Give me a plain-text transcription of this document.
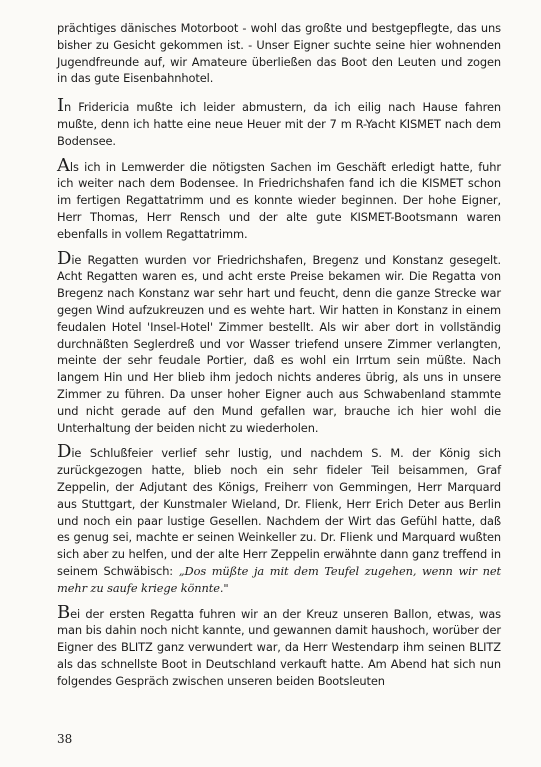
prächtiges dänisches Motorboot - wohl das großte und bestgepflegte, das uns bisher zu Gesicht gekommen ist. - Unser Eigner suchte seine hier wohnenden Jugendfreunde auf, wir Amateure überließen das Boot den Leuten und zogen in das gute Eisenbahnhotel.

In Fridericia mußte ich leider abmustern, da ich eilig nach Hause fahren mußte, denn ich hatte eine neue Heuer mit der 7 m R-Yacht KISMET nach dem Bodensee.

Als ich in Lemwerder die nötigsten Sachen im Geschäft erledigt hatte, fuhr ich weiter nach dem Bodensee. In Friedrichshafen fand ich die KISMET schon im fertigen Regattatrimm und es konnte wieder beginnen. Der hohe Eigner, Herr Thomas, Herr Rensch und der alte gute KISMET-Bootsmann waren ebenfalls in vollem Regattatrimm.

Die Regatten wurden vor Friedrichshafen, Bregenz und Konstanz gesegelt. Acht Regatten waren es, und acht erste Preise bekamen wir. Die Regatta von Bregenz nach Konstanz war sehr hart und feucht, denn die ganze Strecke war gegen Wind aufzukreuzen und es wehte hart. Wir hatten in Konstanz in einem feudalen Hotel 'Insel-Hotel' Zimmer bestellt. Als wir aber dort in vollständig durchnäßten Seglerdreß und vor Wasser triefend unsere Zimmer verlangten, meinte der sehr feudale Portier, daß es wohl ein Irrtum sein müßte. Nach langem Hin und Her blieb ihm jedoch nichts anderes übrig, als uns in unsere Zimmer zu führen. Da unser hoher Eigner auch aus Schwabenland stammte und nicht gerade auf den Mund gefallen war, brauche ich hier wohl die Unterhaltung der beiden nicht zu wiederholen.

Die Schlußfeier verlief sehr lustig, und nachdem S. M. der König sich zurückgezogen hatte, blieb noch ein sehr fideler Teil beisammen, Graf Zeppelin, der Adjutant des Königs, Freiherr von Gemmingen, Herr Marquard aus Stuttgart, der Kunstmaler Wieland, Dr. Flienk, Herr Erich Deter aus Berlin und noch ein paar lustige Gesellen. Nachdem der Wirt das Gefühl hatte, daß es genug sei, machte er seinen Weinkeller zu. Dr. Flienk und Marquard wußten sich aber zu helfen, und der alte Herr Zeppelin erwähnte dann ganz treffend in seinem Schwäbisch: „Dos müßte ja mit dem Teufel zugehen, wenn wir net mehr zu saufe kriege könnte."

Bei der ersten Regatta fuhren wir an der Kreuz unseren Ballon, etwas, was man bis dahin noch nicht kannte, und gewannen damit haushoch, worüber der Eigner des BLITZ ganz verwundert war, da Herr Westendarp ihm seinen BLITZ als das schnellste Boot in Deutschland verkauft hatte. Am Abend hat sich nun folgendes Gespräch zwischen unseren beiden Bootsleuten

38
